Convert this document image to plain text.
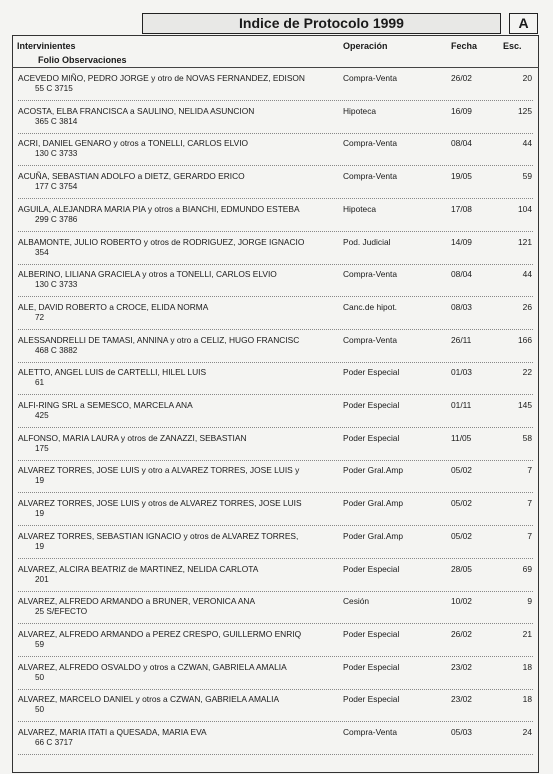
Indice de Protocolo 1999	A
Intervinientes
Folio Observaciones
Operación	Fecha	Esc.
ACEVEDO MIÑO, PEDRO JORGE y otro de NOVAS FERNANDEZ, EDISON
55 C 3715
Compra-Venta	26/02	20
ACOSTA, ELBA FRANCISCA a SAULINO, NELIDA ASUNCION
365 C 3814
Hipoteca	16/09	125
ACRI, DANIEL GENARO y otros a TONELLI, CARLOS ELVIO
130 C 3733
Compra-Venta	08/04	44
ACUÑA, SEBASTIAN ADOLFO a DIETZ, GERARDO ERICO
177 C 3754
Compra-Venta	19/05	59
AGUILA, ALEJANDRA MARIA PIA y otros a BIANCHI, EDMUNDO ESTEBA
299 C 3786
Hipoteca	17/08	104
ALBAMONTE, JULIO ROBERTO y otros de RODRIGUEZ, JORGE IGNACIO
354
Pod. Judicial	14/09	121
ALBERINO, LILIANA GRACIELA y otros a TONELLI, CARLOS ELVIO
130 C 3733
Compra-Venta	08/04	44
ALE, DAVID ROBERTO a CROCE, ELIDA NORMA
72
Canc.de hipot.	08/03	26
ALESSANDRELLI DE TAMASI, ANNINA y otro a CELIZ, HUGO FRANCISC
468 C 3882
Compra-Venta	26/11	166
ALETTO, ANGEL LUIS de CARTELLI, HILEL LUIS
61
Poder Especial	01/03	22
ALFI-RING SRL a SEMESCO, MARCELA ANA
425
Poder Especial	01/11	145
ALFONSO, MARIA LAURA y otros de ZANAZZI, SEBASTIAN
175
Poder Especial	11/05	58
ALVAREZ TORRES, JOSE LUIS y otro a ALVAREZ TORRES, JOSE LUIS y
19
Poder Gral.Amp	05/02	7
ALVAREZ TORRES, JOSE LUIS y otros de ALVAREZ TORRES, JOSE LUIS
19
Poder Gral.Amp	05/02	7
ALVAREZ TORRES, SEBASTIAN IGNACIO y otros de ALVAREZ TORRES,
19
Poder Gral.Amp	05/02	7
ALVAREZ, ALCIRA BEATRIZ de MARTINEZ, NELIDA CARLOTA
201
Poder Especial	28/05	69
ALVAREZ, ALFREDO ARMANDO a BRUNER, VERONICA ANA
25 S/EFECTO
Cesión	10/02	9
ALVAREZ, ALFREDO ARMANDO a PEREZ CRESPO, GUILLERMO ENRIQ
59
Poder Especial	26/02	21
ALVAREZ, ALFREDO OSVALDO y otros a CZWAN, GABRIELA AMALIA
50
Poder Especial	23/02	18
ALVAREZ, MARCELO DANIEL y otros a CZWAN, GABRIELA AMALIA
50
Poder Especial	23/02	18
ALVAREZ, MARIA ITATI a QUESADA, MARIA EVA
66 C 3717
Compra-Venta	05/03	24
